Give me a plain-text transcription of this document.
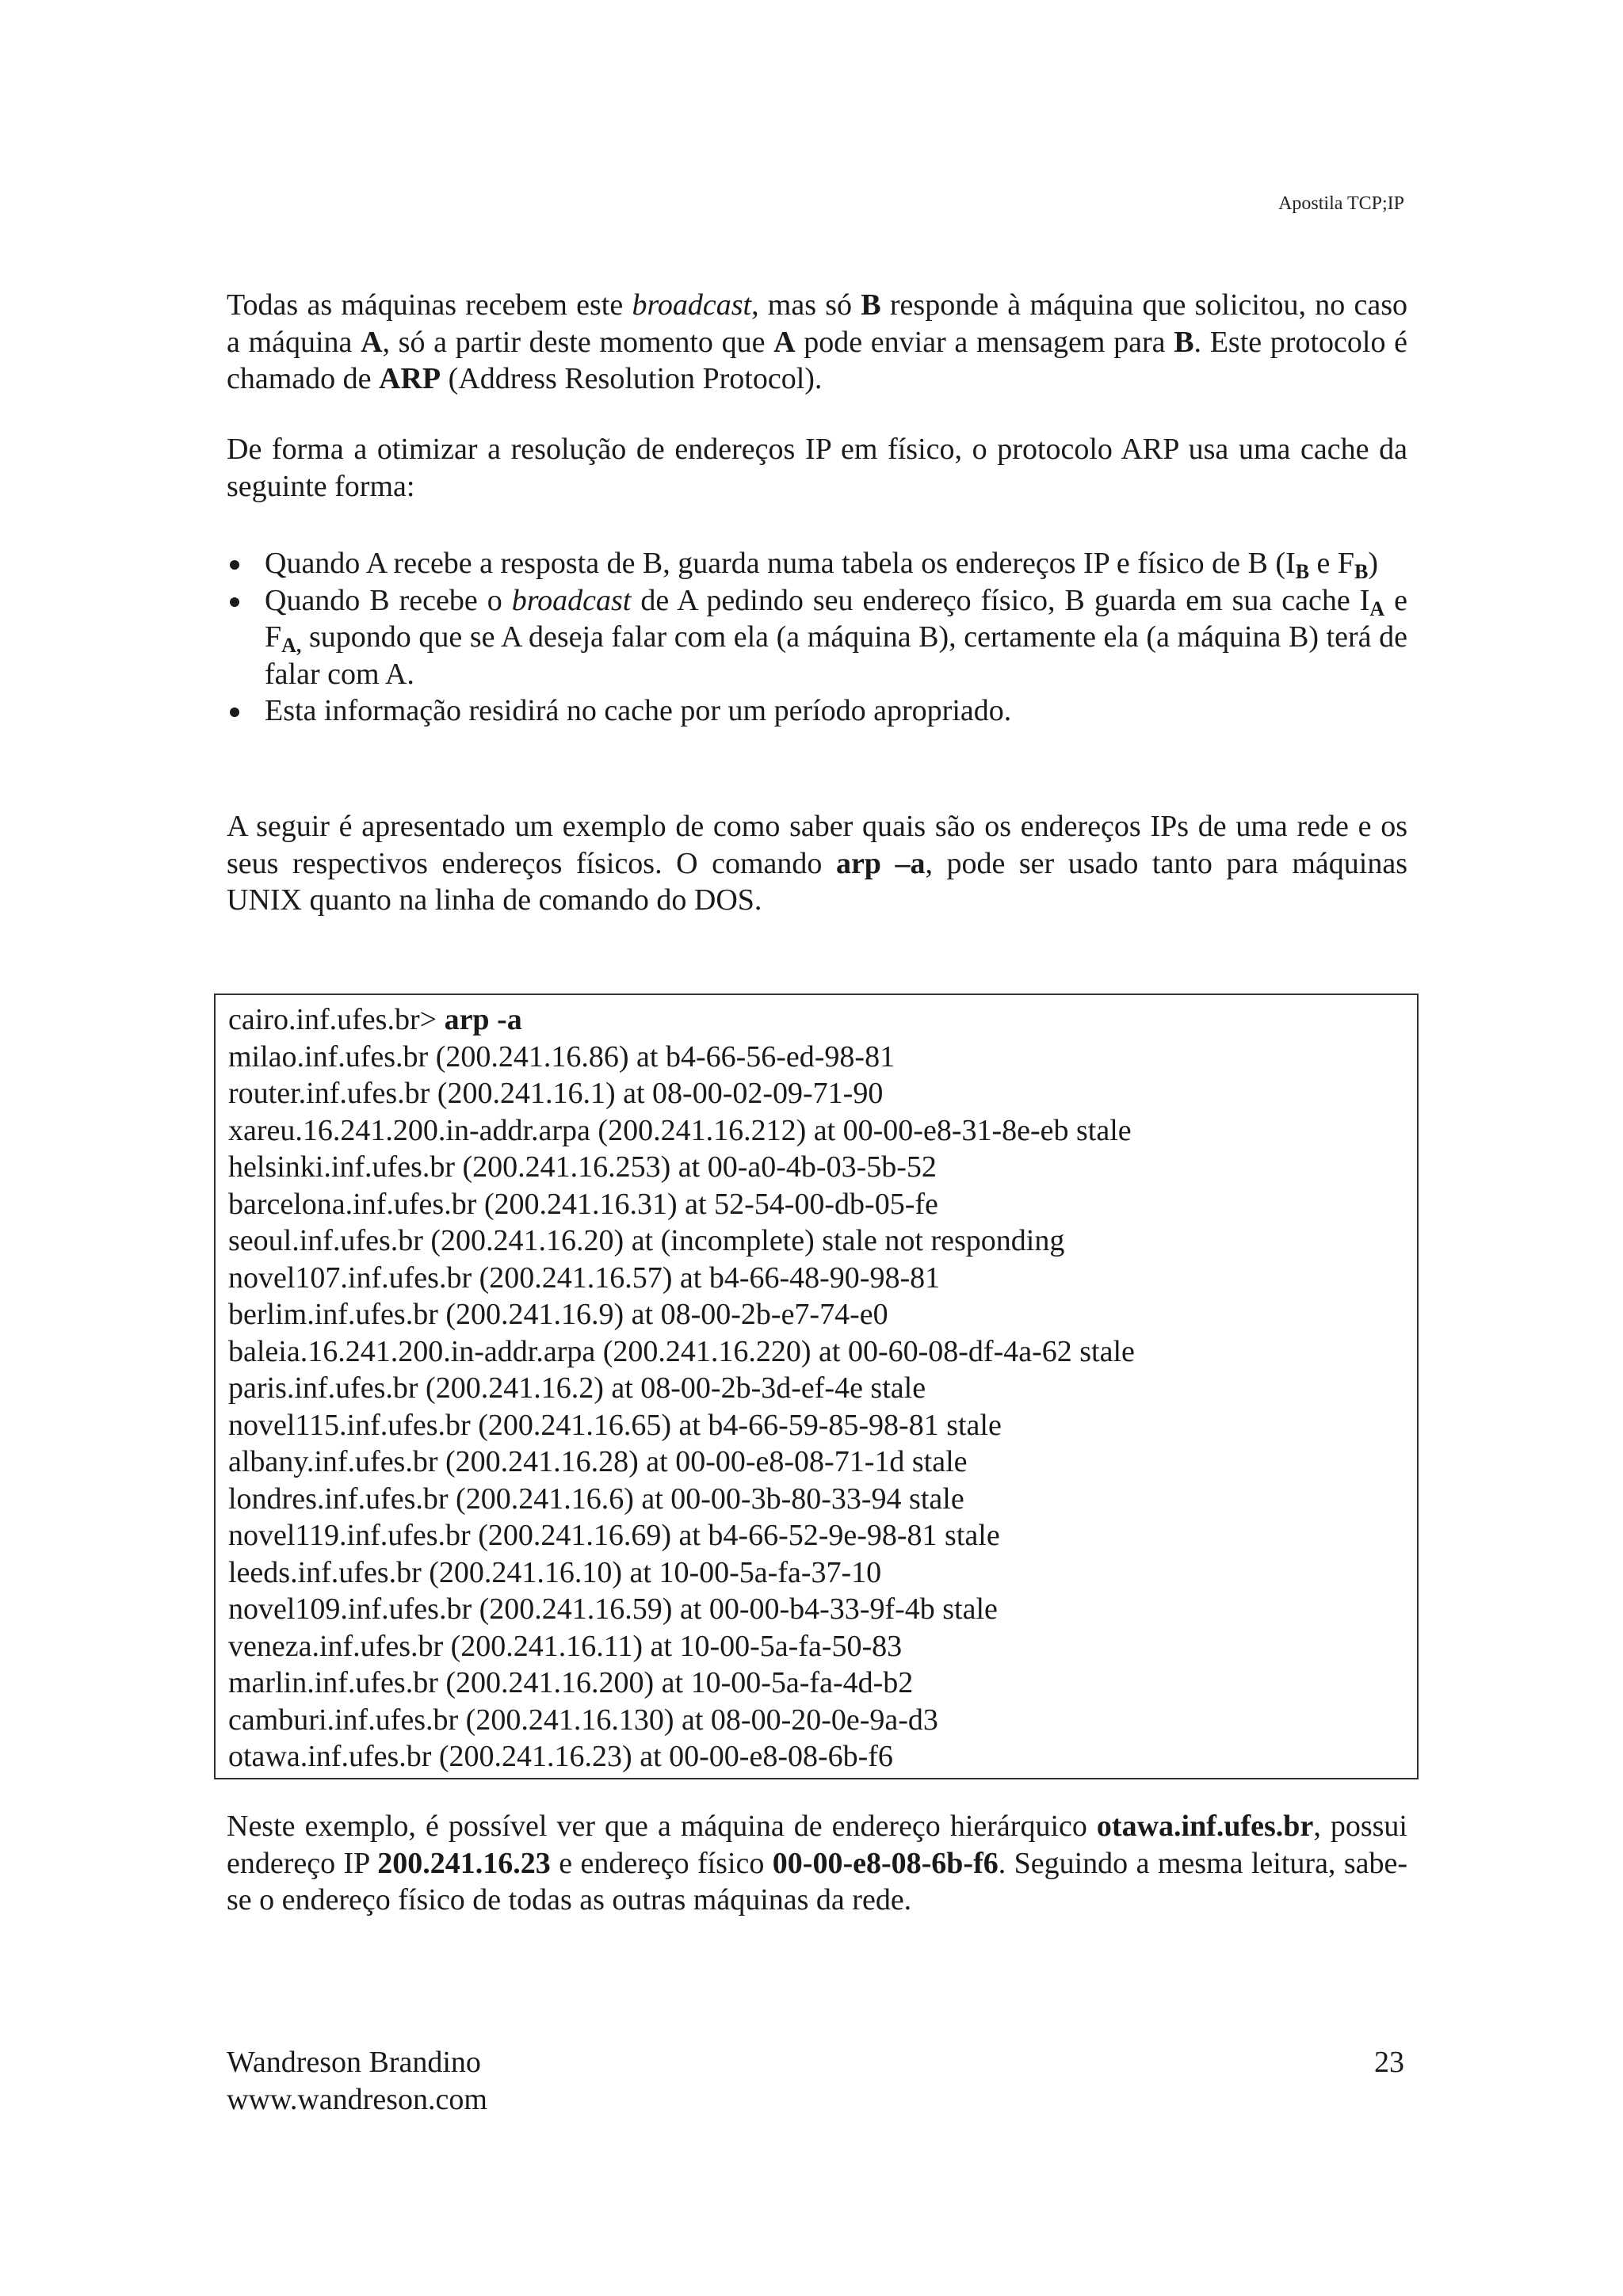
Apostila TCP;IP

Todas as máquinas recebem este broadcast, mas só B responde à máquina que solicitou, no caso a máquina A, só a partir deste momento que A pode enviar a mensagem para B. Este protocolo é chamado de ARP (Address Resolution Protocol).

De forma a otimizar a resolução de endereços IP em físico, o protocolo ARP usa uma cache da seguinte forma:

Quando A recebe a resposta de B, guarda numa tabela os endereços IP e físico de B ($I_B$ e $F_B$)
Quando B recebe o broadcast de A pedindo seu endereço físico, B guarda em sua cache $I_A$ e $F_{A,}$ supondo que se A deseja falar com ela (a máquina B), certamente ela (a máquina B) terá de falar com A.
Esta informação residirá no cache por um período apropriado.

A seguir é apresentado um exemplo de como saber quais são os endereços IPs de uma rede e os seus respectivos endereços físicos. O comando arp –a, pode ser usado tanto para máquinas UNIX quanto na linha de comando do DOS.

cairo.inf.ufes.br> arp -a
milao.inf.ufes.br (200.241.16.86) at b4-66-56-ed-98-81
router.inf.ufes.br (200.241.16.1) at 08-00-02-09-71-90
xareu.16.241.200.in-addr.arpa (200.241.16.212) at 00-00-e8-31-8e-eb stale
helsinki.inf.ufes.br (200.241.16.253) at 00-a0-4b-03-5b-52
barcelona.inf.ufes.br (200.241.16.31) at 52-54-00-db-05-fe
seoul.inf.ufes.br (200.241.16.20) at (incomplete) stale not responding
novel107.inf.ufes.br (200.241.16.57) at b4-66-48-90-98-81
berlim.inf.ufes.br (200.241.16.9) at 08-00-2b-e7-74-e0
baleia.16.241.200.in-addr.arpa (200.241.16.220) at 00-60-08-df-4a-62 stale
paris.inf.ufes.br (200.241.16.2) at 08-00-2b-3d-ef-4e stale
novel115.inf.ufes.br (200.241.16.65) at b4-66-59-85-98-81 stale
albany.inf.ufes.br (200.241.16.28) at 00-00-e8-08-71-1d stale
londres.inf.ufes.br (200.241.16.6) at 00-00-3b-80-33-94 stale
novel119.inf.ufes.br (200.241.16.69) at b4-66-52-9e-98-81 stale
leeds.inf.ufes.br (200.241.16.10) at 10-00-5a-fa-37-10
novel109.inf.ufes.br (200.241.16.59) at 00-00-b4-33-9f-4b stale
veneza.inf.ufes.br (200.241.16.11) at 10-00-5a-fa-50-83
marlin.inf.ufes.br (200.241.16.200) at 10-00-5a-fa-4d-b2
camburi.inf.ufes.br (200.241.16.130) at 08-00-20-0e-9a-d3
otawa.inf.ufes.br (200.241.16.23) at 00-00-e8-08-6b-f6

Neste exemplo, é possível ver que a máquina de endereço hierárquico otawa.inf.ufes.br, possui endereço IP 200.241.16.23 e endereço físico 00-00-e8-08-6b-f6. Seguindo a mesma leitura, sabe-se o endereço físico de todas as outras máquinas da rede.

Wandreson Brandino
www.wandreson.com
23
